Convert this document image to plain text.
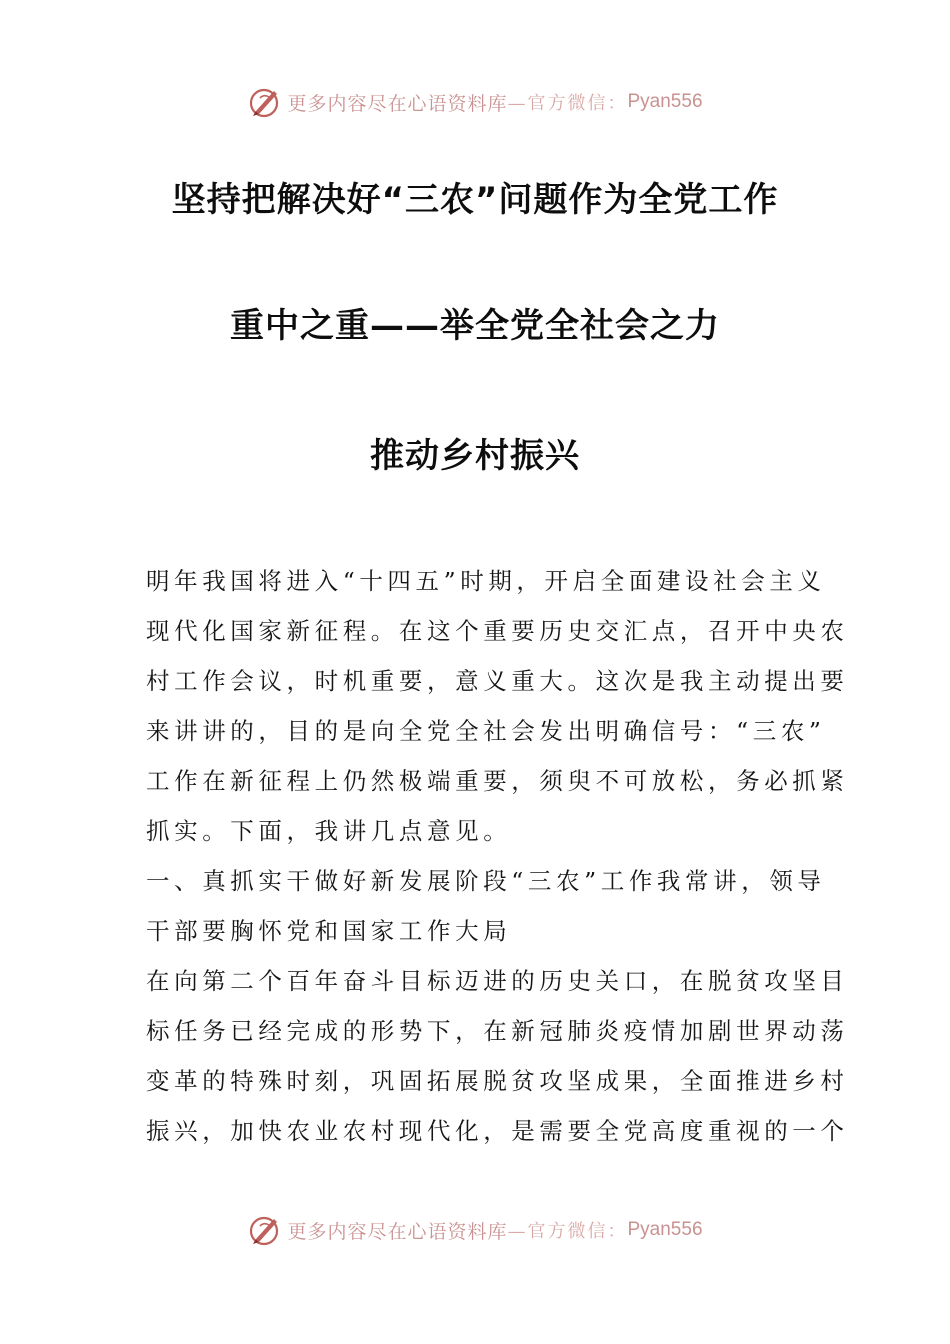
更多内容尽在心语资料库 —官方微信： Pyan556
坚持把解决好“三农”问题作为全党工作
重中之重——举全党全社会之力
推动乡村振兴
明年我国将进入“十四五”时期，开启全面建设社会主义
现代化国家新征程。在这个重要历史交汇点，召开中央农
村工作会议，时机重要，意义重大。这次是我主动提出要
来讲讲的，目的是向全党全社会发出明确信号：“三农”
工作在新征程上仍然极端重要，须臾不可放松，务必抓紧
抓实。下面，我讲几点意见。
一、真抓实干做好新发展阶段“三农”工作我常讲，领导
干部要胸怀党和国家工作大局
在向第二个百年奋斗目标迈进的历史关口，在脱贫攻坚目
标任务已经完成的形势下，在新冠肺炎疫情加剧世界动荡
变革的特殊时刻，巩固拓展脱贫攻坚成果，全面推进乡村
振兴，加快农业农村现代化，是需要全党高度重视的一个
更多内容尽在心语资料库 —官方微信： Pyan556
